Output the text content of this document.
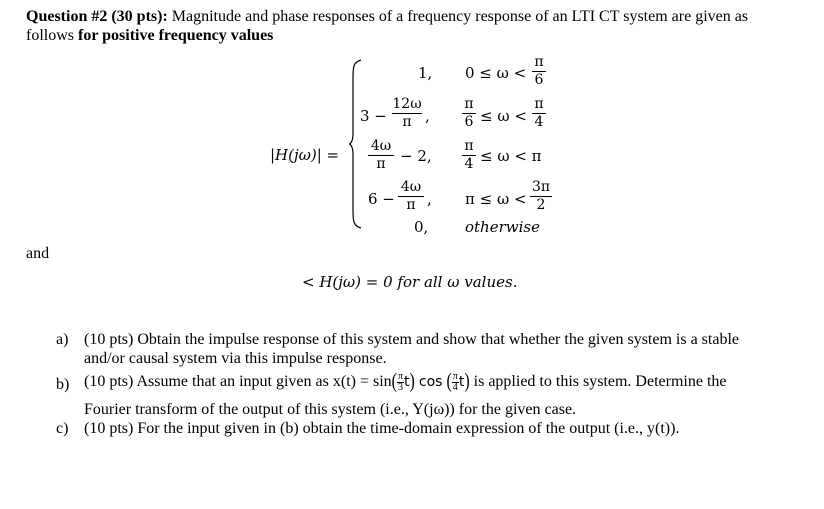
Question #2 (30 pts): Magnitude and phase responses of a frequency response of an LTI CT system are given as
follows for positive frequency values
|H(jω)| =
1, $0 \le \omega < \frac{\pi}{6}$
$3 - \frac{12\omega}{\pi}$ , $\frac{\pi}{6} \le \omega < \frac{\pi}{4}$
$\frac{4\omega}{\pi} - 2$, $\frac{\pi}{4} \le \omega < \pi$
$6 - \frac{4\omega}{\pi}$ , $\pi \le \omega < \frac{3\pi}{2}$
0, otherwise
and
< H(jω) = 0 for all ω values.
a) (10 pts) Obtain the impulse response of this system and show that whether the given system is a stable
and/or causal system via this impulse response.
b) (10 pts) Assume that an input given as $x(t) = \sin( \frac{\pi}{3} t)$ cos ( $\frac{\pi}{4} t$) is applied to this system. Determine the
Fourier transform of the output of this system (i.e., Y(jω)) for the given case.
c) (10 pts) For the input given in (b) obtain the time-domain expression of the output (i.e., y(t)).
